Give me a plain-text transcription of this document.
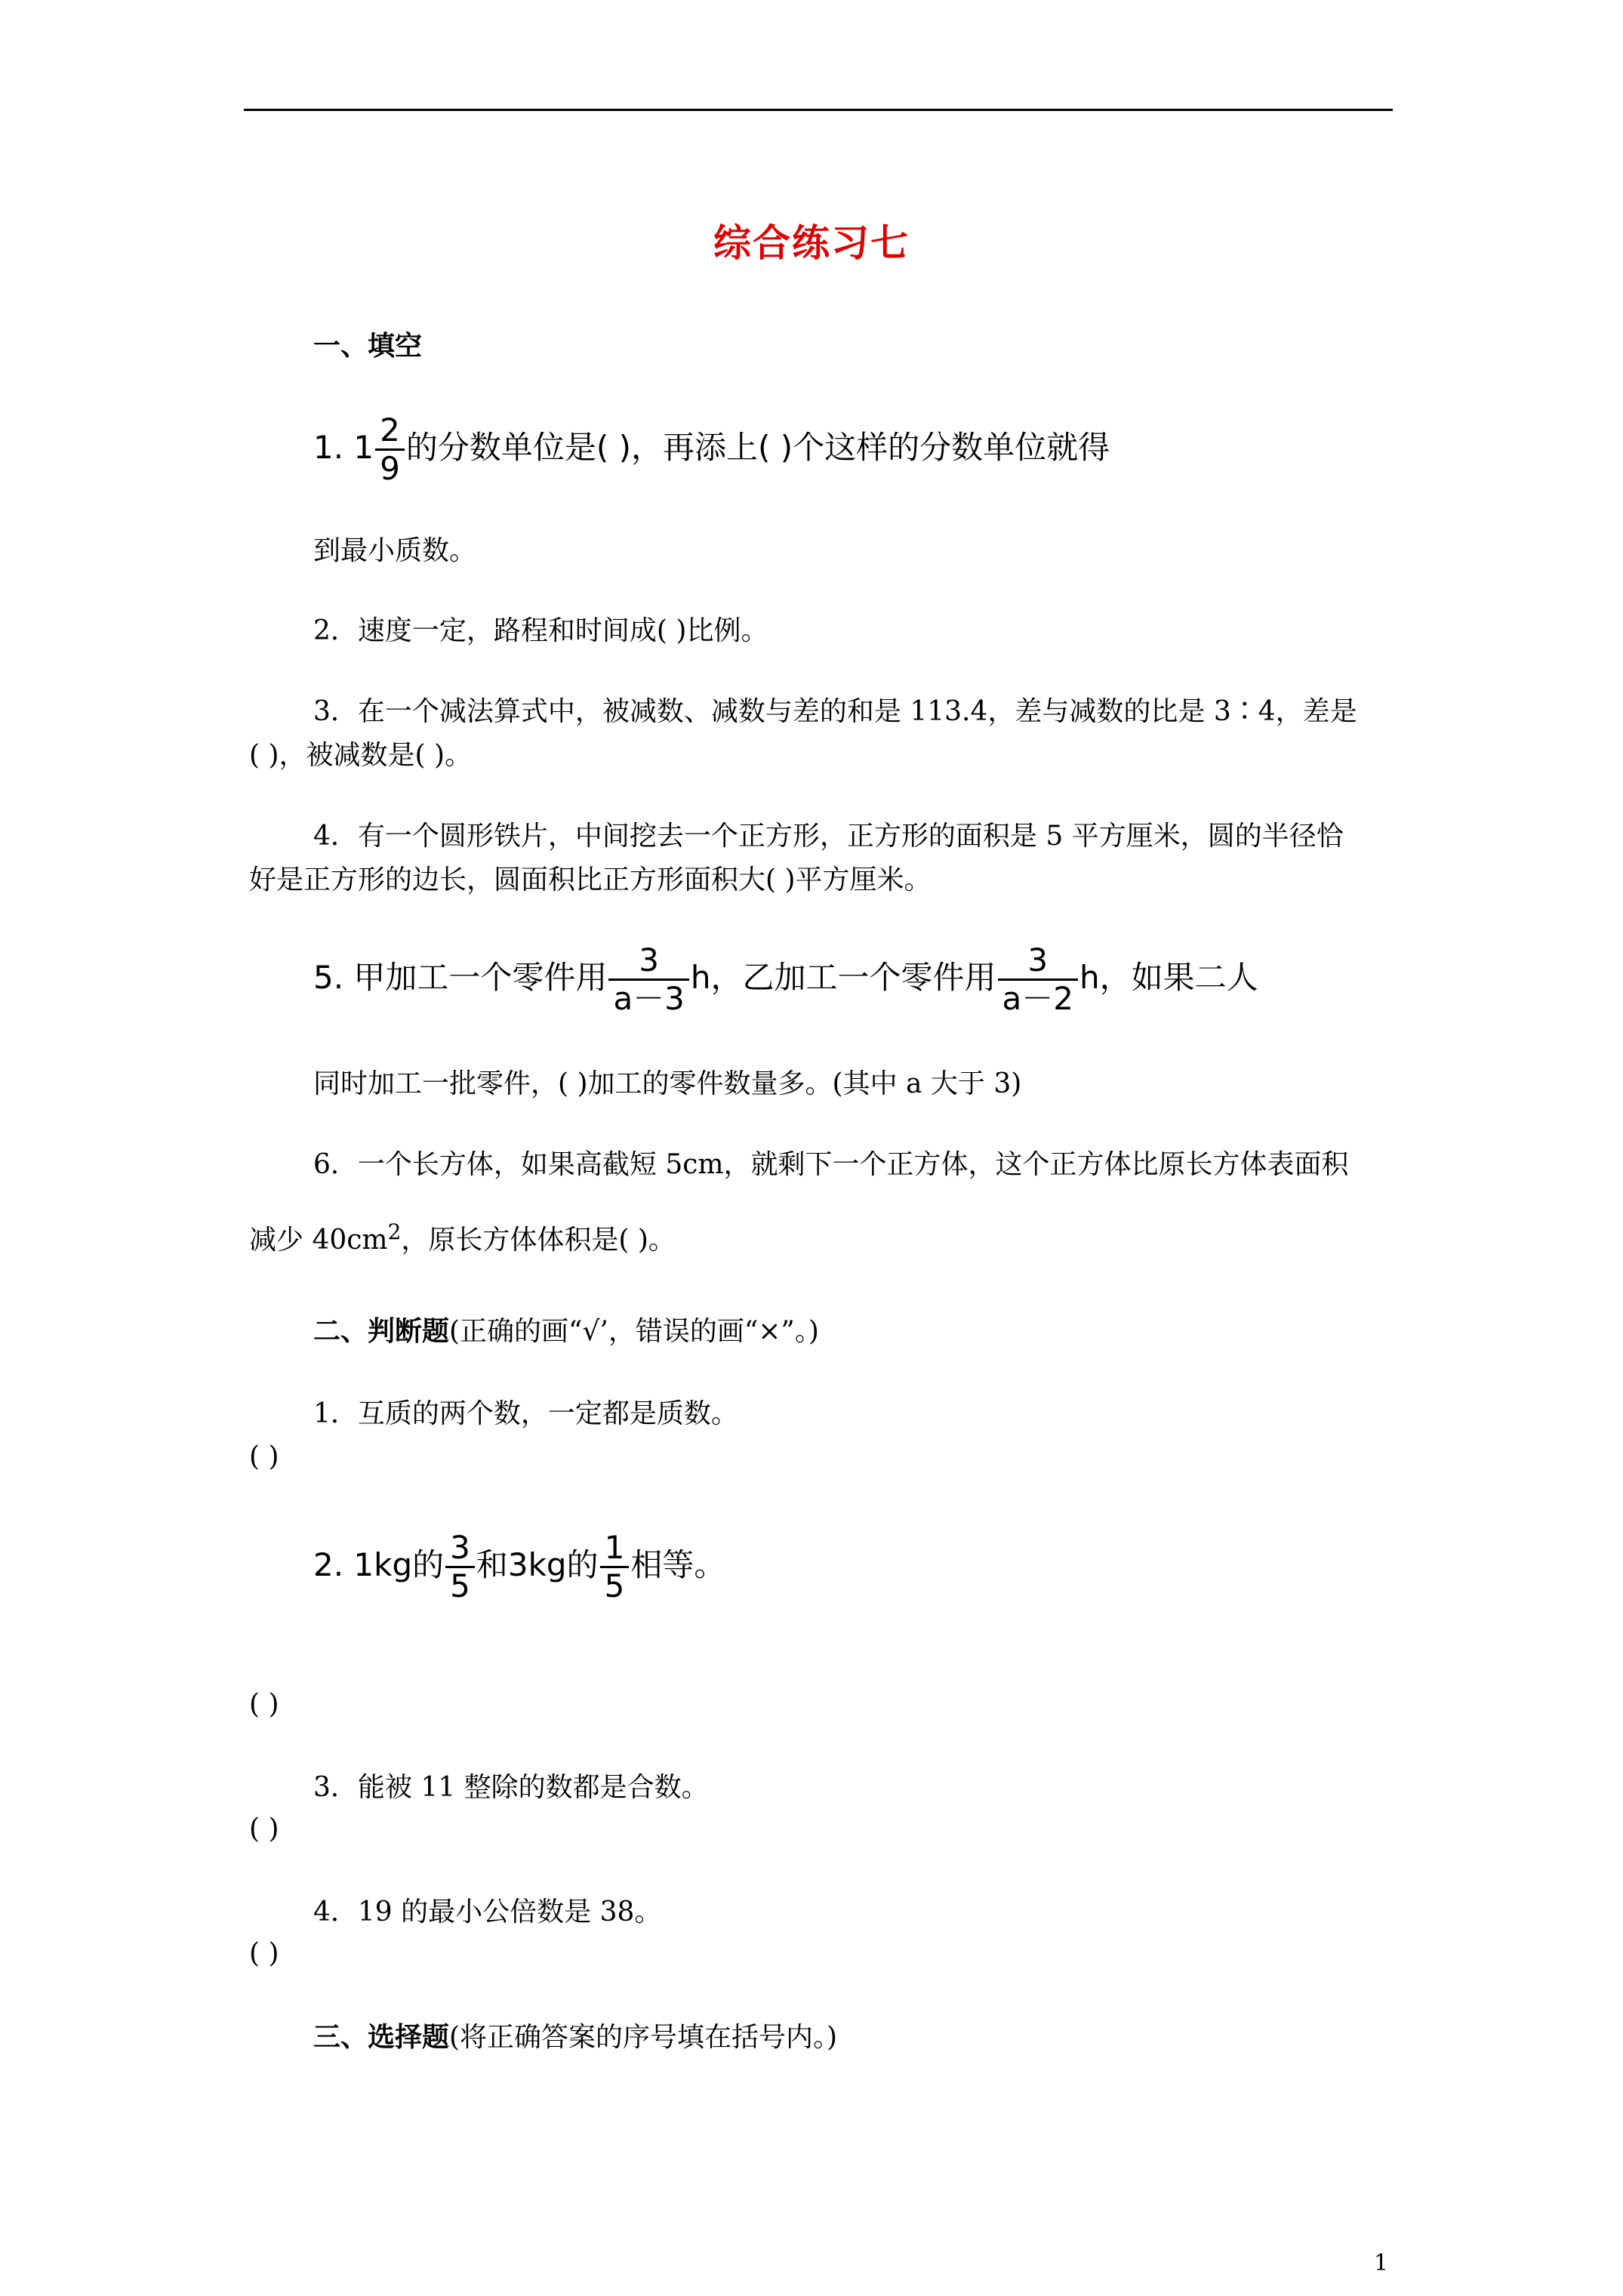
综合练习七
一、填空
1. $1 \frac{2}{9}$ 的分数单位是( )，再添上( )个这样的分数单位就得
到最小质数。
2．速度一定，路程和时间成( )比例。
3．在一个减法算式中，被减数、减数与差的和是 113.4，差与减数的比是 3∶4，差是
( )，被减数是( )。
4．有一个圆形铁片，中间挖去一个正方形，正方形的面积是 5 平方厘米，圆的半径恰
好是正方形的边长，圆面积比正方形面积大( )平方厘米。
5. 甲加工一个零件用 $\frac{3}{a-3}$ h，乙加工一个零件用 $\frac{3}{a-2}$ h，如果二人
同时加工一批零件，( )加工的零件数量多。(其中 a 大于 3)
6．一个长方体，如果高截短 5cm，就剩下一个正方体，这个正方体比原长方体表面积
减少 $40cm^2$，原长方体体积是( )。
二、判断题(正确的画“√’，错误的画“×”。)
1．互质的两个数，一定都是质数。
( )
2. 1kg的 $\frac{3}{5}$ 和3kg的 $\frac{1}{5}$ 相等。
( )
3．能被 11 整除的数都是合数。
( )
4．19 的最小公倍数是 38。
( )
三、选择题(将正确答案的序号填在括号内。)
1
